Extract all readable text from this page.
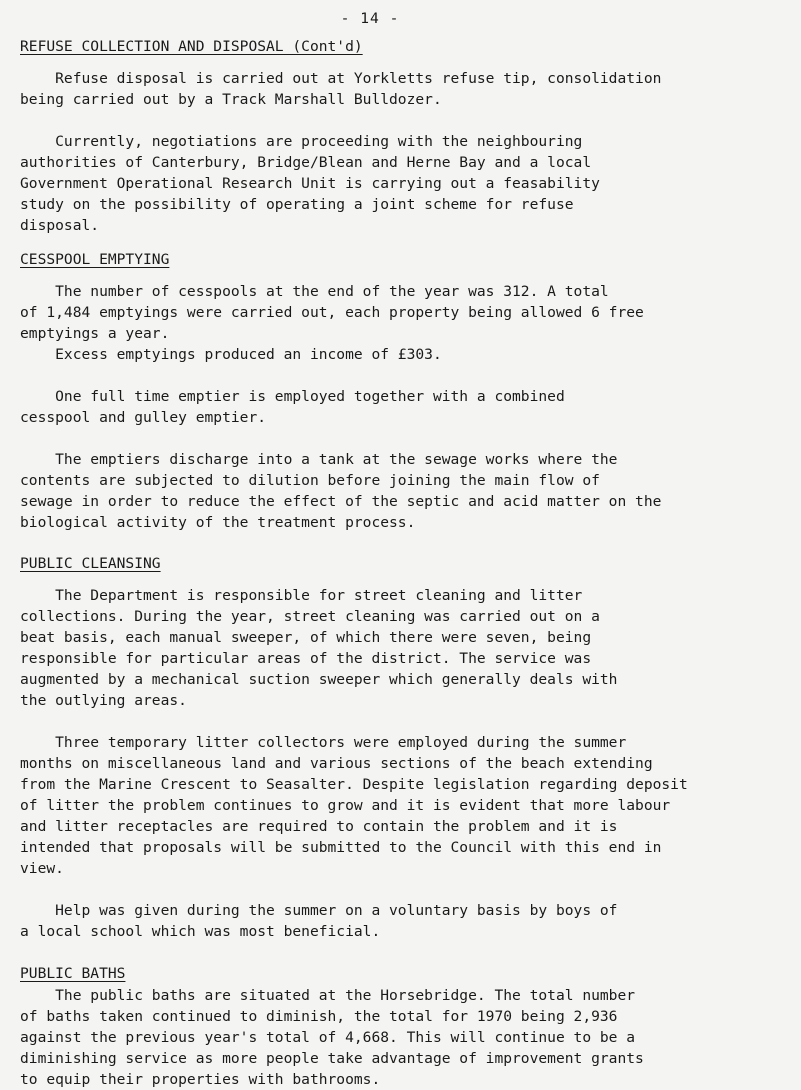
- 14 -
REFUSE COLLECTION AND DISPOSAL (Cont'd)
Refuse disposal is carried out at Yorkletts refuse tip, consolidation
being carried out by a Track Marshall Bulldozer.
Currently, negotiations are proceeding with the neighbouring
authorities of Canterbury, Bridge/Blean and Herne Bay and a local
Government Operational Research Unit is carrying out a feasability
study on the possibility of operating a joint scheme for refuse
disposal.
CESSPOOL EMPTYING
The number of cesspools at the end of the year was 312. A total
of 1,484 emptyings were carried out, each property being allowed 6 free
emptyings a year.
Excess emptyings produced an income of £303.
One full time emptier is employed together with a combined
cesspool and gulley emptier.
The emptiers discharge into a tank at the sewage works where the
contents are subjected to dilution before joining the main flow of
sewage in order to reduce the effect of the septic and acid matter on the
biological activity of the treatment process.
PUBLIC CLEANSING
The Department is responsible for street cleaning and litter
collections. During the year, street cleaning was carried out on a
beat basis, each manual sweeper, of which there were seven, being
responsible for particular areas of the district. The service was
augmented by a mechanical suction sweeper which generally deals with
the outlying areas.
Three temporary litter collectors were employed during the summer
months on miscellaneous land and various sections of the beach extending
from the Marine Crescent to Seasalter. Despite legislation regarding deposit
of litter the problem continues to grow and it is evident that more labour
and litter receptacles are required to contain the problem and it is
intended that proposals will be submitted to the Council with this end in
view.
Help was given during the summer on a voluntary basis by boys of
a local school which was most beneficial.
PUBLIC BATHS
The public baths are situated at the Horsebridge. The total number
of baths taken continued to diminish, the total for 1970 being 2,936
against the previous year's total of 4,668. This will continue to be a
diminishing service as more people take advantage of improvement grants
to equip their properties with bathrooms.
